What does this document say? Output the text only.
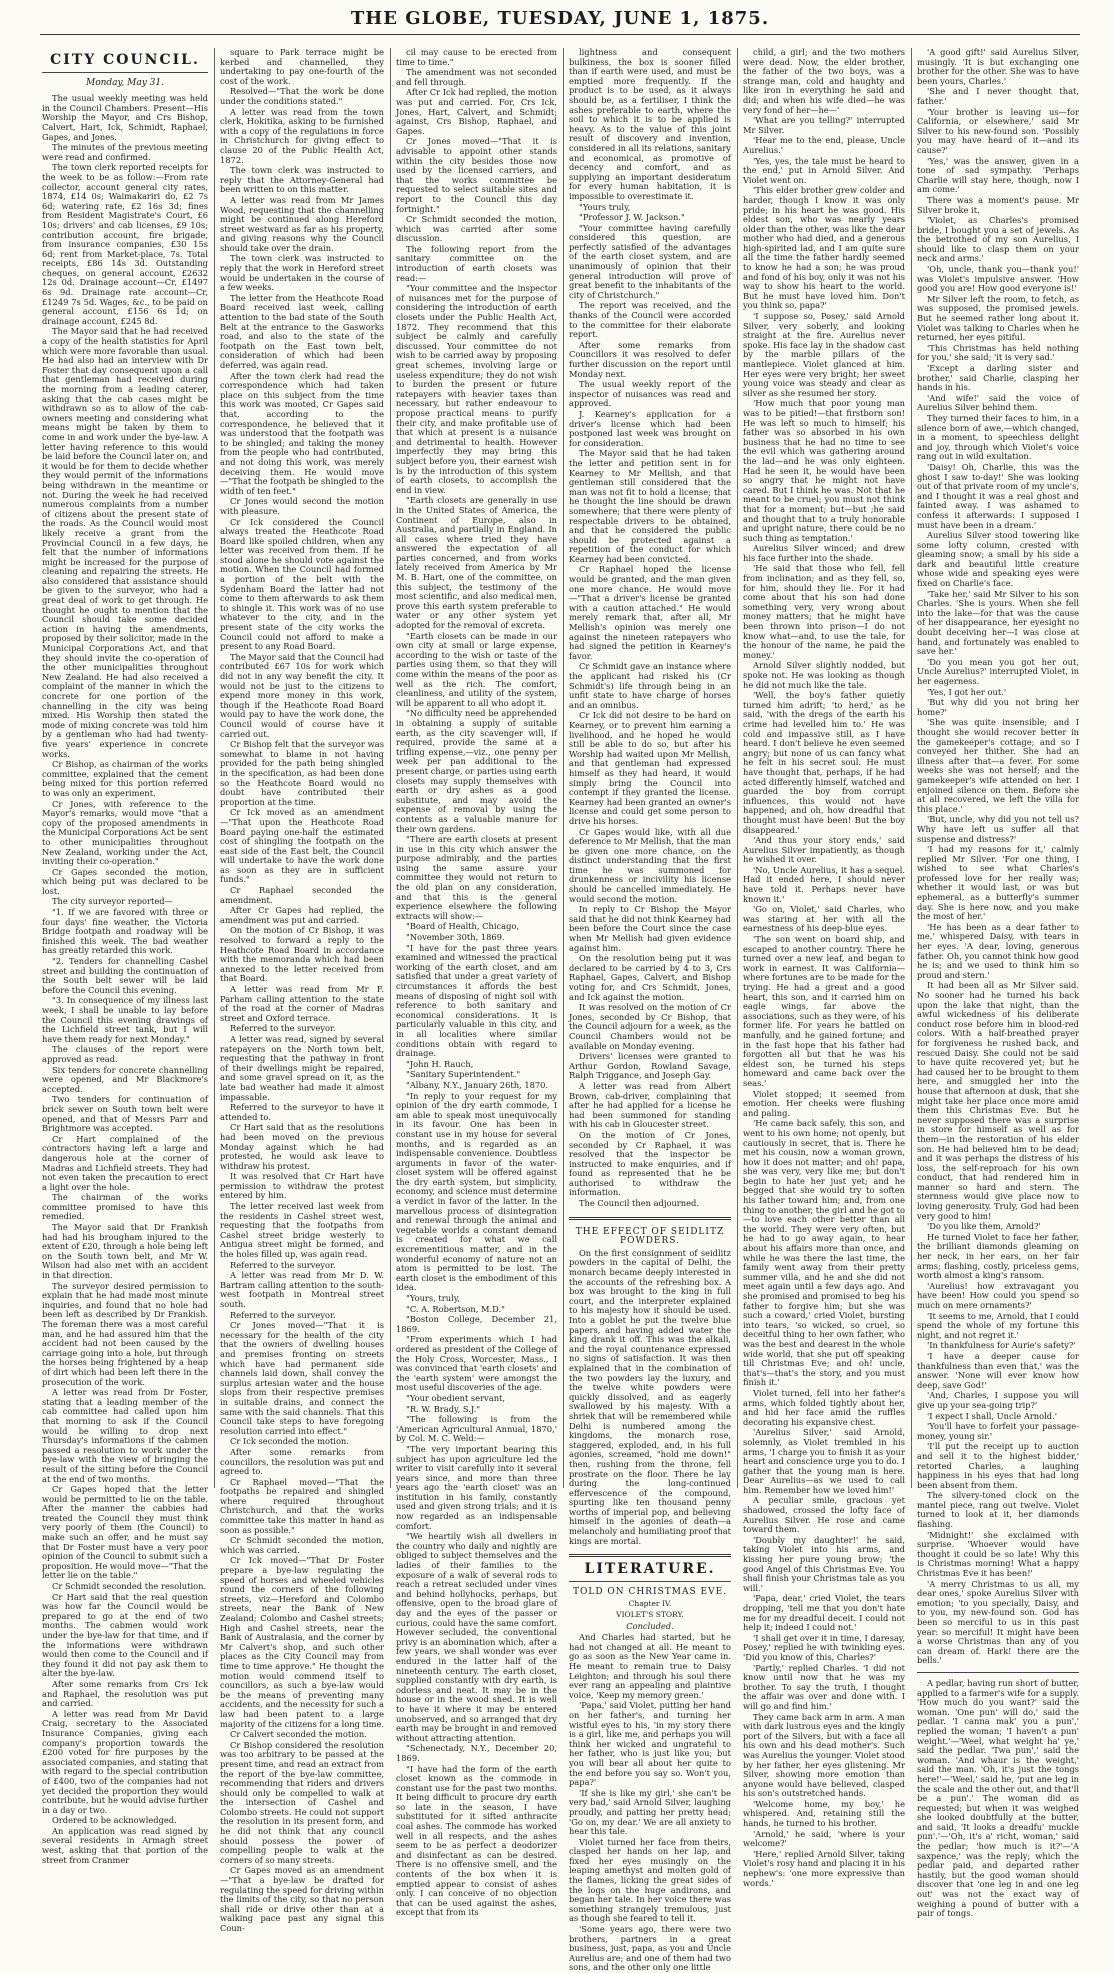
THE GLOBE, TUESDAY, JUNE 1, 1875.
CITY COUNCIL.
Monday, May 31.

The usual weekly meeting was held in the Council Chambers. Present—His Worship the Mayor, and Crs Bishop, Calvert, Hart, Ick, Schmidt, Raphael, Gapes, and Jones.

The minutes of the previous meeting were read and confirmed.

The town clerk reported receipts for the week to be as follow:—From rate collector, account general city rates, 1874, £14 0s; Waimakariri do, £2 7s 6d; watering rate, £2 16s 3d; fines from Resident Magistrate's Court, £6 10s; drivers' and cab licenses, £9 10s; contribution account, fire brigade, from insurance companies, £30 15s 6d; rent from Market-place, 7s. Total receipts, £86 14s 3d. Outstanding cheques, on general account, £2632 12s 0d. Drainage account—Cr, £1497 6s 9d. Drainage rate account—Cr, £1249 7s 5d. Wages, &c., to be paid on general account, £156 6s 1d; on drainage account, £245 8d.

The Mayor said that he had received a copy of the health statistics for April which were more favorable than usual. He had also had an interview with Dr Foster that day consequent upon a call that gentleman had received during the morning from a leading caterer, asking that the cab cases might be withdrawn so as to allow of the cab-owners meeting and considering what means might be taken by them to come in and work under the bye-law. A letter having reference to this would be laid before the Council later on, and it would be for them to decide whether they would permit of the informations being withdrawn in the meantime or not. During the week he had received numerous complaints from a number of citizens about the present state of the roads. As the Council would most likely receive a grant from the Provincial Council in a few days, he felt that the number of informations might be increased for the purpose of cleaning and repairing the streets. He also considered that assistance should be given to the surveyor, who had a great deal of work to get through. He thought he ought to mention that the Council should take some decided action in having the amendments, proposed by their solicitor, made in the Municipal Corporations Act, and that they should invite the co-operation of the other municipalities throughout New Zealand. He had also received a complaint of the manner in which the concrete for one portion of the channelling in the city was being mixed. His Worship then stated the mode of mixing concrete was told him by a gentleman who had had twenty-five years' experience in concrete works.

Cr Bishop, as chairman of the works committee, explained that the cement being mixed for this portion referred to was only an experiment.

Cr Jones, with reference to the Mayor's remarks, would move "that a copy of the proposed amendments in the Municipal Corporations Act be sent to other municipalities throughout New Zealand, working under the Act, inviting their co-operation."

Cr Gapes seconded the motion, which being put was declared to be lost.

The city surveyor reported—

"1. If we are favored with three or four days' fine weather, the Victoria Bridge footpath and roadway will be finished this week. The bad weather has greatly retarded this work.

"2. Tenders for channelling Cashel street and building the continuation of the South belt sewer will be laid before the Council this evening.

"3. In consequence of my illness last week, I shall be unable to lay before the Council this evening drawings of the Lichfield street tank, but I will have them ready for next Monday."

The clauses of the report were approved as read.

Six tenders for concrete channelling were opened, and Mr Blackmore's accepted.

Two tenders for continuation of brick sewer on South town belt were opened, and that of Messrs Parr and Brightmore was accepted.

Cr Hart complained of the contractors having left a large and dangerous hole at the corner of Madras and Lichfield streets. They had not even taken the precaution to erect a light over the hole.

The chairman of the works committee promised to have this remedied.

The Mayor said that Dr Frankish had had his brougham injured to the extent of £20, through a hole being left on the South town belt, and Mr W. Wilson had also met with an accident in that direction.

The surveyor desired permission to explain that he had made most minute inquiries, and found that no hole had been left as described by Dr Frankish. The foreman there was a most careful man, and he had assured him that the accident had not been caused by the carriage going into a hole, but through the horses being frightened by a heap of dirt which had been left there in the prosecution of the work.

A letter was read from Dr Foster, stating that a leading member of the cab committee had called upon him that morning to ask if the Council would be willing to drop next Thursday's informations if the cabmen passed a resolution to work under the bye-law with the view of bringing the result of the sitting before the Council at the end of two months.

Cr Gapes hoped that the letter would be permitted to lie on the table. After the manner the cabbies had treated the Council they must think very poorly of them (the Council) to make such an offer, and he must say that Dr Foster must have a very poor opinion of the Council to submit such a proposition. He would move—"That the letter lie on the table."

Cr Schmidt seconded the resolution.

Cr Hart said that the real question was how far the Council would be prepared to go at the end of two months. The cabmen would work under the bye-law for that time, and if the informations were withdrawn would then come to the Council and if they found it did not pay ask them to alter the bye-law.

After some remarks from Crs Ick and Raphael, the resolution was put and carried.

A letter was read from Mr David Craig, secretary to the Associated Insurance Companies, giving each company's proportion towards the £200 voted for fire purposes by the associated companies, and stating that with regard to the special contribution of £400, two of the companies had not yet decided the proportion they would contribute, but he would advise further in a day or two.

Ordered to be acknowledged.

An application was read signed by several residents in Armagh street west, asking that that portion of the street from Cranmer

square to Park terrace might be kerbed and channelled, they undertaking to pay one-fourth of the cost of the work.

Resolved—"That the work be done under the conditions stated."

A letter was read from the town clerk, Hokitika, asking to be furnished with a copy of the regulations in force in Christchurch for giving effect to clause 20 of the Public Health Act, 1872.

The town clerk was instructed to reply that the Attorney-General had been written to on this matter.

A letter was read from Mr James Wood, requesting that the channelling might be continued along Hereford street westward as far as his property, and giving reasons why the Council should take over the drain.

The town clerk was instructed to reply that the work in Hereford street would be undertaken in the course of a few weeks.

The letter from the Heathcote Road Board received last week, calling attention to the bad state of the South Belt at the entrance to the Gasworks road, and also to the state of the footpath on the East town belt, consideration of which had been deferred, was again read.

After the town clerk had read the correspondence which had taken place on this subject from the time this work was mooted, Cr Gapes said that, according to the correspondence, he believed that it was understood that the footpath was to be shingled; and taking the money from the people who had contributed, and not doing this work, was merely deceiving them. He would move—"That the footpath be shingled to the width of ten feet."

Cr Jones would second the motion with pleasure.

Cr Ick considered the Council always treated the Heathcote Road Board like spoiled children, when any letter was received from them. If he stood alone he should vote against the motion. When the Council had formed a portion of the belt with the Sydenham Board the latter had not come to them afterwards to ask them to shingle it. This work was of no use whatever to the city, and in the present state of the city works the Council could not afford to make a present to any Road Board.

The Mayor said that the Council had contributed £67 10s for work which did not in any way benefit the city. It would not be just to the citizens to expend more money in this work, though if the Heathcote Road Board would pay to have the work done, the Council would of course have it carried out.

Cr Bishop felt that the surveyor was somewhat to blame in not having provided for the path being shingled in the specification, as had been done so the Heathcote Board would no doubt have contributed their proportion at the time.

Cr Ick moved as an amendment—"That upon the Heathcote Road Board paying one-half the estimated cost of shingling the footpath on the east side of the East belt, the Council will undertake to have the work done as soon as they are in sufficient funds."

Cr Raphael seconded the amendment.

After Cr Gapes had replied, the amendment was put and carried.

On the motion of Cr Bishop, it was resolved to forward a reply to the Heathcote Road Board in accordance with the memoranda which had been annexed to the letter received from that Board.

A letter was read from Mr F. Parham calling attention to the state of the road at the corner of Madras street and Oxford terrace.

Referred to the surveyor.

A letter was read, signed by several ratepayers on the North town belt, requesting that the pathway in front of their dwellings might be repaired, and some gravel spread on it, as the late bad weather had made it almost impassable.

Referred to the surveyor to have it attended to.

Cr Hart said that as the resolutions had been moved on the previous Monday against which he had protested, he would ask leave to withdraw his protest.

It was resolved that Cr Hart have permission to withdraw the protest entered by him.

The letter received last week from the residents in Cashel street west, requesting that the footpaths from Cashel street bridge westerly to Antigua street might be formed, and the holes filled up, was again read.

Referred to the surveyor.

A letter was read from Mr D. W. Bartram calling attention to the south-west footpath in Montreal street south.

Referred to the surveyor.

Cr Jones moved—"That it is necessary for the health of the city that the owners of dwelling houses and premises fronting on streets which have had permanent side channels laid down, shall convey the surplus artesian water and the house slops from their respective premises in suitable drains, and connect the same with the said channels. That this Council take steps to have foregoing resolution carried into effect."

Cr Ick seconded the motion.

After some remarks from councillors, the resolution was put and agreed to.

Cr Raphael moved—"That the footpaths be repaired and shingled where required throughout Christchurch, and that the works committee take this matter in hand as soon as possible."

Cr Schmidt seconded the motion, which was carried.

Cr Ick moved—"That Dr Foster prepare a bye-law regulating the speed of horses and wheeled vehicles round the corners of the following streets, viz—Hereford and Colombo streets, near the Bank of New Zealand; Colombo and Cashel streets; High and Cashel streets, near the Bank of Australasia, and the corner by Mr Calvert's shop, and such other places as the City Council may from time to time approve." He thought the motion would commend itself to councillors, as such a bye-law would be the means of preventing many accidents, and the necessity for such a law had been patent to a large majority of the citizens for a long time.

Cr Calvert seconded the motion.

Cr Bishop considered the resolution was too arbitrary to be passed at the present time, and read an extract from the report of the bye-law committee, recommending that riders and drivers should only be compelled to walk at the intersection of Cashel and Colombo streets. He could not support the resolution in its present form, and he did not think that any council should possess the power of compelling people to walk at the corners of so many streets.

Cr Gapes moved as an amendment—"That a bye-law be drafted for regulating the speed for driving within the limits of the city, so that no person shall ride or drive other than at a walking pace past any signal this Coun-

cil may cause to be erected from time to time."

The amendment was not seconded and fell through.

After Cr Ick had replied, the motion was put and carried. For, Crs Ick, Jones, Hart, Calvert, and Schmidt; against, Crs Bishop, Raphael, and Gapes.

Cr Jones moved—"That it is advisable to appoint other stands within the city besides those now used by the licensed carriers, and that the works committee be requested to select suitable sites and report to the Council this day fortnight."

Cr Schmidt seconded the motion, which was carried after some discussion.

The following report from the sanitary committee on the introduction of earth closets was read:—

"Your committee and the inspector of nuisances met for the purpose of considering the introduction of earth closets under the Public Health Act, 1872. They recommend that this subject be calmly and carefully discussed. Your committee do not wish to be carried away by proposing great schemes, involving large or useless expenditure; they do not wish to burden the present or future ratepayers with heavier taxes than necessary, but rather endeavour to propose practical means to purify their city, and make profitable use of that which at present is a nuisance and detrimental to health. However imperfectly they may bring this subject before you, their earnest wish is by the introduction of this system of earth closets, to accomplish the end in view.

"Earth closets are generally in use in the United States of America, the Continent of Europe, also in Australia, and partially in England. In all cases where tried they have answered the expectation of all parties concerned, and from works lately received from America by Mr M. B. Hart, one of the committee, on this subject, the testimony of the most scientific, and also medical men, prove this earth system preferable to water or any other system yet adopted for the removal of excreta.

"Earth closets can be made in our own city at small or large expense, according to the wish or taste of the parties using them, so that they will come within the means of the poor as well as the rich. The comfort, cleanliness, and utility of the system, will be apparent to all who adopt it.

"No difficulty need be apprehended in obtaining a supply of suitable earth, as the city scavenger will, if required, provide the same at a trifling expense,—viz., one penny per week per pan additional to the present charge, or parties using earth closets may supply themselves with earth or dry ashes as a good substitute, and may avoid the expense of removal by using the contents as a valuable manure for their own gardens.

"There are earth closets at present in use in this city which answer the purpose admirably, and the parties using the same assure your committee they would not return to the old plan on any consideration, and that this is the general experience elsewhere the following extracts will show:—

"Board of Health, Chicago,

"November 30th, 1869.

"I have for the past three years examined and witnessed the practical working of the earth closet, and am satisfied that under a great variety of circumstances it affords the best means of disposing of night soil with reference to both sanitary and economical considerations. It is particularly valuable in this city, and in all localities where similar conditions obtain with regard to drainage.

"John H. Rauch,

"Sanitary Superintendent."

"Albany, N.Y., January 26th, 1870.

"In reply to your request for my opinion of the dry earth commode, I am able to speak most unequivocally in its favour. One has been in constant use in my house for several months, and is regarded as an indispensable convenience. Doubtless arguments in favor of the water-closet system will be offered against the dry earth system, but simplicity, economy, and science must determine a verdict in favor of the latter. In the marvellous process of disintegration and renewal through the animal and vegetable worlds a constant demand is created for what we call excrementitious matter, and in the wonderful economy of nature not an atom is permitted to be lost. The earth closet is the embodiment of this idea.

"Yours, truly,

"C. A. Robertson, M.D."

"Boston College, December 21, 1869.

"From experiments which I had ordered as president of the College of the Holy Cross, Worcester, Mass., I was convinced that 'earth closets' and the 'earth system' were amongst the most useful discoveries of the age.

"Your obedient servant,

"R. W. Brady, S.J."

"The following is from the 'American Agricultural Annual, 1870,' by Col. M. C. Weld:—

"The very important bearing this subject has upon agriculture led the writer to visit carefully into it several years since, and more than three years ago the 'earth closet' was an institution in his family, constantly used and given strong trials; and it is now regarded as an indispensable comfort.

"We heartily wish all dwellers in the country who daily and nightly are obliged to subject themselves and the ladies of their families to the exposure of a walk of several rods to reach a retreat secluded under vines and behind hollyhocks, perhaps, but offensive, open to the broad glare of day and the eyes of the passer or curious, could have the same comfort. However secluded, the conventional privy is an abomination which, after a few years, we shall wonder was ever endured in the latter half of the nineteenth century. The earth closet, supplied constantly with dry earth, is odorless and neat. It may be in the house or in the wood shed. It is well to have it where it may be entered unobserved, and so arranged that dry earth may be brought in and removed without attracting attention.

"Schenectady, N.Y., December 20, 1869.

"I have had the form of the earth closet known as the commode in constant use for the past two months. It being difficult to procure dry earth so late in the season, I have substituted for it sifted anthracite coal ashes. The commode has worked well in all respects, and the ashes seem to be as perfect a deodorizer and disinfectant as can be desired. There is no offensive smell, and the contents of the box when it is emptied appear to consist of ashes only. I can conceive of no objection that can be used against the ashes, except that from its

lightness and consequent bulkiness, the box is sooner filled than if earth were used, and must be emptied more frequently. If the product is to be used, as it always should be, as a fertiliser, I think the ashes preferable to earth, where the soil to which it is to be applied is heavy. As to the value of this joint result of discovery and invention, considered in all its relations, sanitary and economical, as promotive of decency and comfort, and as supplying an important desideratum for every human habitation, it is impossible to overestimate it.

"Yours truly,

"Professor J. W. Jackson."

"Your committee having carefully considered this question, are perfectly satisfied of the advantages of the earth closet system, and are unanimously of opinion that their general introduction will prove of great benefit to the inhabitants of the city of Christchurch."

The report was received, and the thanks of the Council were accorded to the committee for their elaborate report.

After some remarks from Councillors it was resolved to defer further discussion on the report until Monday next.

The usual weekly report of the inspector of nuisances was read and approved.

J. Kearney's application for a driver's license which had been postponed last week was brought on for consideration.

The Mayor said that he had taken the letter and petition sent in for Kearney to Mr Mellish, and that gentleman still considered that the man was not fit to hold a license; that he thought the line should be drawn somewhere; that there were plenty of respectable drivers to be obtained, and that he considered the public should be protected against a repetition of the conduct for which Kearney had been convicted.

Cr Raphael hoped the license would be granted, and the man given one more chance. He would move—"That a driver's license be granted with a caution attached." He would merely remark that, after all, Mr Mellish's opinion was merely one against the nineteen ratepayers who had signed the petition in Kearney's favor.

Cr Schmidt gave an instance where the applicant had risked his (Cr Schmidt's) life through being in an unfit state to have charge of horses and an omnibus.

Cr Ick did not desire to be hard on Kearney, or to prevent him earning a livelihood, and he hoped he would still be able to do so, but after his Worship had waited upon Mr Mellish, and that gentleman had expressed himself as they had heard, it would simply bring the Council into contempt if they granted the license. Kearney had been granted an owner's license and could get some person to drive his horses.

Cr Gapes would like, with all due deference to Mr Mellish, that the man be given one more chance, on the distinct understanding that the first time he was summoned for drunkenness or incivility his license should be cancelled immediately. He would second the motion.

In reply to Cr Bishop the Mayor said that he did not think Kearney had been before the Court since the case when Mr Mellish had given evidence against him.

On the resolution being put it was declared to be carried by 4 to 3, Crs Raphael, Gapes, Calvert, and Bishop voting for, and Crs Schmidt, Jones, and Ick against the motion.

It was resolved on the motion of Cr Jones, seconded by Cr Bishop, that the Council adjourn for a week, as the Council Chambers would not be available on Monday evening.

Drivers' licenses were granted to Arthur Gordon, Rowland Savage, Ralph Triggance, and Joseph Gay.

A letter was read from Albert Brown, cab-driver, complaining that after he had applied for a license he had been summoned for standing with his cab in Gloucester street.

On the motion of Cr Jones, seconded by Cr Raphael, it was resolved that the inspector be instructed to make enquiries, and if found as represented that he be authorised to withdraw the information.

The Council then adjourned.

THE EFFECT OF SEIDLITZ POWDERS.

On the first consignment of seidlitz powders in the capital of Delhi, the monarch became deeply interested in the accounts of the refreshing box. A box was brought to the king in full court, and the interpreter explained to his majesty how it should be used. Into a goblet he put the twelve blue papers, and having added water the king drank it off. This was the alkali, and the royal countenance expressed no signs of satisfaction. It was then explained that in the combination of the two powders lay the luxury, and the twelve white powders were quickly dissolved, and as eagerly swallowed by his majesty. With a shriek that will be remembered while Delhi is numbered among the kingdoms, the monarch rose, staggered, exploded, and, in his full agonies, screamed, "hold me down!" then, rushing from the throne, fell prostrate on the floor. There he lay during the long-continued effervescence of the compound, spurting like ten thousand penny worths of imperial pop, and believing himself in the agonies of death—a melancholy and humiliating proof that kings are mortal.

LITERATURE.
TOLD ON CHRISTMAS EVE.
Chapter IV.
VIOLET'S STORY.
Concluded.

And Charles had started, but he had not changed at all. He meant to go as soon as the New Year came in. He meant to remain true to Daisy Leighton; and through his soul there ever rang an appealing and plaintive voice, 'Keep my memory green.'

'Papa,' said Violet, putting her hand on her father's, and turning her wistful eyes to his, 'in my story there is a girl, like me, and perhaps you will think her wicked and ungrateful to her father, who is just like you; but you will bear all about her quite to the end before you say so. Won't you, papa?'

'If she is like my girl,' she can't be very bad,' said Arnold Silver, laughing proudly, and patting her pretty head; 'Go on, my dear.' We are all anxiety to hear this tale.

Violet turned her face from theirs, clasped her hands on her lap, and fixed her eyes musingly on the leaping amethyst and molten gold of the flames, licking the great sides of the logs on the huge andirons, and began her tale. In her voice there was something strangely tremulous, just as though she feared to tell it.

'Some years ago, there were two brothers, partners in a great business, just, papa, as you and Uncle Aurelius are; and one of them had two sons, and the other only one little

child, a girl; and the two mothers were dead. Now, the elder brother, the father of the two boys, was a strange man, cold and haughty and like iron in everything he said and did; and when his wife died—he was very fond of her—he—'

'What are you telling?' interrupted Mr Silver.

'Hear me to the end, please, Uncle Aurelius.'

'Yes, yes, the tale must be heard to the end,' put in Arnold Silver. And Violet went on.

'This elder brother grew colder and harder, though I know it was only pride; in his heart he was good. His eldest son, who was nearly years older than the other, was like the dear mother who had died, and a generous high-spirited lad, and I am quite sure all the time the father hardly seemed to know he had a son; he was proud and fond of his boy, only it was not his way to show his heart to the world. But he must have loved him. Don't you think so, papa?'

'I suppose so, Posey,' said Arnold Silver, very soberly, and looking straight at the fire. Aurelius never spoke. His face lay in the shadow cast by the marble pillars of the mantlepiece. Violet glanced at him. Her eyes were very bright; her sweet young voice was steady and clear as silver as she resumed her story.

'How much that poor young man was to be pitied!—that firstborn son! He was left so much to himself; his father was so absorbed in his own business that he had no time to see the evil which was gathering around the lad—and he was only eighteen. Had he seen it, he would have been so angry that he might not have cared. But I think he was. Not that he meant to be cruel; you must not think that for a moment; but—but ;he said and thought that to a truly honorable and upright nature, there could be no such thing as temptation.'

Aurelius Silver winced; and drew his face further into the shade.

'He said that those who fell, fell from inclination; and as they fell, so, for him, should they lie. For it had come about that his son had done something very, very wrong about money matters; that he might have been thrown into prison—I do not know what—and, to use the tale, for the honour of the name, he paid the money.'

Arnold Silver slightly nodded, but spoke not. He was looking as though he did not much like the tale.

'Well, the boy's father quietly turned him adrift; 'to herd,' as he said, 'with the dregs of the earth his crime had levelled him to.' He was cold and impassive still, as I have heard. I don't believe he even seemed angry; but none of us can fancy what he felt in his secret soul. He must have thought that, perhaps, if he had acted differently himself, watched and guarded the boy from corrupt influences, this would not have happened; and oh, how dreadful that thought must have been! But the boy disappeared.'

'And thus your story ends,' said Aurelius Silver impatiently, as though he wished it over.

'No, Uncle Aurelius, it has a sequel. Had it ended here, I should never have told it. Perhaps never have known it.'

'Go on, Violet,' said Charles, who was staring at her with all the earnestness of his deep-blue eyes.

'The son went on board ship, and escaped to another country. There he turned over a new leaf, and began to work in earnest. It was California—where fortunes are to be made for the trying. He had a great and a good heart, this son, and it carried him on eagle wings, far above the associations, such as they were, of his former life. For years he battled on manfully, and he gained fortune; and in the fast hope that his father had forgotten all but that he was his eldest son, he turned his steps homeward and came back over the seas.'

Violet stopped; it seemed from emotion. Her cheeks were flushing and paling.

'He came back safely, this son, and went to his own home; not openly, but cautiously in secret, that is. There he met his cousin, now a woman grown, how it does not matter; and oh! papa, she was very, very like me; but don't begin to hate her just yet; and he begged that she would try to soften his father toward him; and, from one thing to another, the girl and he got to—to love each other better than all the world. They were very often, but he had to go away again, to hear about his affairs more than once, and while he was there the last time, the family went away from their pretty summer villa, and he and she did not meet again until a few days ago. And she promised and promised to beg his father to forgive him; but she was such a coward,' cried Violet, bursting into tears, 'so wicked, so cruel, so deceitful thing to her own father, who was the best and dearest in the whole wide world, that she put off speaking till Christmas Eve; and oh! uncle, that's—that's the story, and you must finish it.'

Violet turned, fell into her father's arms, which folded tightly about her, and hid her face amid the ruffles decorating his expansive chest.

'Aurelius Silver,' said Arnold, solemnly, as Violet trembled in his arms, 'I charge you to finish it as your heart and conscience urge you to do. I gather that the young man is here. Dear Aurelius—as we used to call him. Remember how we loved him!'

A peculiar smile, gracious yet shadowed, crossed the lofty face of Aurelius Silver. He rose and came toward them.

'Doubly my daughter!' he said, taking Violet into his arms, and kissing her pure young brow; 'the good Angel of this Christmas Eve. You shall finish your Christmas tale as you will.'

'Papa, dear,' cried Violet, the tears dropping, 'tell me that you don't hate me for my dreadful deceit. I could not help it; indeed I could not.'

'I shall get over it in time, I daresay, Posey,' replied he with twinkling eyes. 'Did you know of this, Charles?'

'Partly,' replied Charles. 'I did not know until now that he was my brother. To say the truth, I thought the affair was over and done with. I will go and find him.'

They came back arm in arm. A man with dark lustrous eyes and the kingly port of the Silvers, but with a face all his own and his dead mother's. Such was Aurelius the younger. Violet stood by her father, her eyes glistening. Mr Silver, showing more emotion than anyone would have believed, clasped his son's outstretched hands.

'Welcome home, my boy,' he whispered. And, retaining still the hands, he turned to his brother.

'Arnold,' he said, 'where is your welcome?'

'Here,' replied Arnold Silver, taking Violet's rosy hand and placing it in his nephew's: 'one more expressive than words.'

'A good gift!' said Aurelius Silver, musingly. 'It is but exchanging one brother for the other. She was to have been yours, Charles.'

'She and I never thought that, father.'

'Your brother is leaving us—for California, or elsewhere,' said Mr Silver to his new-found son. 'Possibly you may have heard of it—and its cause?'

'Yes,' was the answer, given in a tone of sad sympathy. 'Perhaps Charlie will stay here, though, now I am come.'

There was a moment's pause. Mr Silver broke it.

'Violet, as Charles's promised bride, I bought you a set of jewels. As the betrothed of my son Aurelius, I should like to clasp them on your neck and arms.'

'Oh, uncle, thank you—thank you!' was Violet's impulsive answer. 'How good you are! How good everyone is!'

Mr Silver left the room, to fetch, as was supposed, the promised jewels. But he seemed rather long about it. Violet was talking to Charles when he returned, her eyes pitiful.

'This Christmas has held nothing for you,' she said; 'it is very sad.'

'Except a darling sister and brother,' said Charlie, clasping her hands in his.

'And wife!' said the voice of Aurelius Silver behind them.

They turned their faces to him, in a silence born of awe,—which changed, in a moment, to speechless delight and joy, through which Violet's voice rang out in wild exultation.

'Daisy! Oh, Charlie, this was the ghost I saw to-day!' She was looking out of that private room of my uncle's, and I thought it was a real ghost and fainted away. I was ashamed to confess it afterwards: I supposed I must have been in a dream.'

Aurelius Silver stood towering like some lofty column, crested with gleaming snow; a small by his side a dark and beautiful little creature whose wide and speaking eyes were fixed on Charlie's face.

'Take her,' said Mr Silver to his son Charles. 'She is yours. When she fell into the lake—for that was the cause of her disappearance, her eyesight no doubt deceiving her—I was close at hand, and fortunately was enabled to save her.'

'Do you mean you got her out, Uncle Aurelius?' interrupted Violet, in her eagerness.

'Yes, I got her out.'

'But why did you not bring her home?'

'She was quite insensible; and I thought she would recover better in the gamekeeper's cottage; and so I conveyed her thither. She had an illness after that—a fever. For some weeks she was not herself; and the gamekeeper's wife attended on her. I enjoined silence on them. Before she at all recovered, we left the villa for this place.'

'But, uncle, why did you not tell us? Why have left us suffer all that suspense and distress?'

'I had my reasons for it,' calmly replied Mr Silver. 'For one thing, I wished to see what Charles's professed love for her really was; whether it would last, or was but ephemeral, as a butterfly's summer day. She is here now, and you make the most of her.'

'He has been as a dear father to me,' whispered Daisy, with tears in her eyes. 'A dear, loving, generous father. Oh, you cannot think how good he is; and we used to think him so proud and stern.'

It had been all as Mr Silver said. No sooner had he turned his back upon the lake that night, than the awful wickedness of his deliberate conduct rose before him in blood-red colors. With a half-breathed prayer for forgiveness he rushed back, and rescued Daisy. She could not be said to have quite recovered yet; but he had caused her to be brought to them here, and smuggled her into the house that afternoon at dusk, that she might take her place once more amid them this Christmas Eve. But he never supposed there was a surprise in store for himself as well as for them—in the restoration of his elder son. He had believed him to be dead; and it was perhaps the distress of his loss, the self-reproach for his own conduct, that had rendered him in manner so hard and stern. The sternness would give place now to loving generosity. Truly, God had been very good to him!

'Do you like them, Arnold?'

He turned Violet to face her father, the brilliant diamonds gleaming on her neck, in her ears, on her fair arms; flashing, costly, priceless gems, worth almost a king's ransom.

'Aurelius! how extravagant you have been! How could you spend so much on mere ornaments?'

'It seems to me, Arnold, that I could spend the whole of my fortune this night, and not regret it.'

'In thankfulness for Aurie's safety?'

'I have a deeper cause for thankfulness than even that,' was the answer. 'None will ever know how deep, save God!'

'And, Charles, I suppose you will give up your sea-going trip?'

'I expect I shall, Uncle Arnold.'

'You'll have to forfeit your passage-money, young sir.'

'I'll put the receipt up to auction and sell it to the highest bidder,' retorted Charles, a laughing happiness in his eyes that had long been absent from them.

The silvery-toned clock on the mantel piece, rang out twelve. Violet turned to look at it, her diamonds flashing.

'Midnight!' she exclaimed with surprise. 'Whoever would have thought it could be so late! Why this is Christmas morning! What a happy Christmas Eve it has been!'

'A merry Christmas to us all, my dear ones,' spoke Aurelius Silver with emotion; 'to you specially, Daisy, and to you, my new-found son. God has been so merciful to us in this past year: so merciful! It might have been a worse Christmas than any of you can dream of. Hark! there are the bells.'

A pedlar, having run short of butter, applied to a farmer's wife for a supply. 'How much do you want?' said the woman. 'One pun' will do,' said the pedlar. 'I canna mak' you a pun',' replied the woman; 'I haven't a pun' weight.'—'Weel, what weight ha' ye,' said the pedlar. 'Twa pun',' said the woman. 'And whaur is the weight,' said the man. 'Oh, it's just the tongs here!'—'Weel,' said he, 'put ane leg in the scale and the other out, and that'll be a pun'.' The woman did as requested; but when it was weighed she looked doubtfully at the butter, and said, 'It looks a dreadfu' muckle pun'.'—'Oh, it's a' richt, woman,' said the pedlar; 'how much is it?'—'A saxpence,' was the reply; which the pedlar paid, and departed rather hastily, but the good woman should discover that 'one leg in and one leg out' was not the exact way of weighing a pound of butter with a pair of tongs.
